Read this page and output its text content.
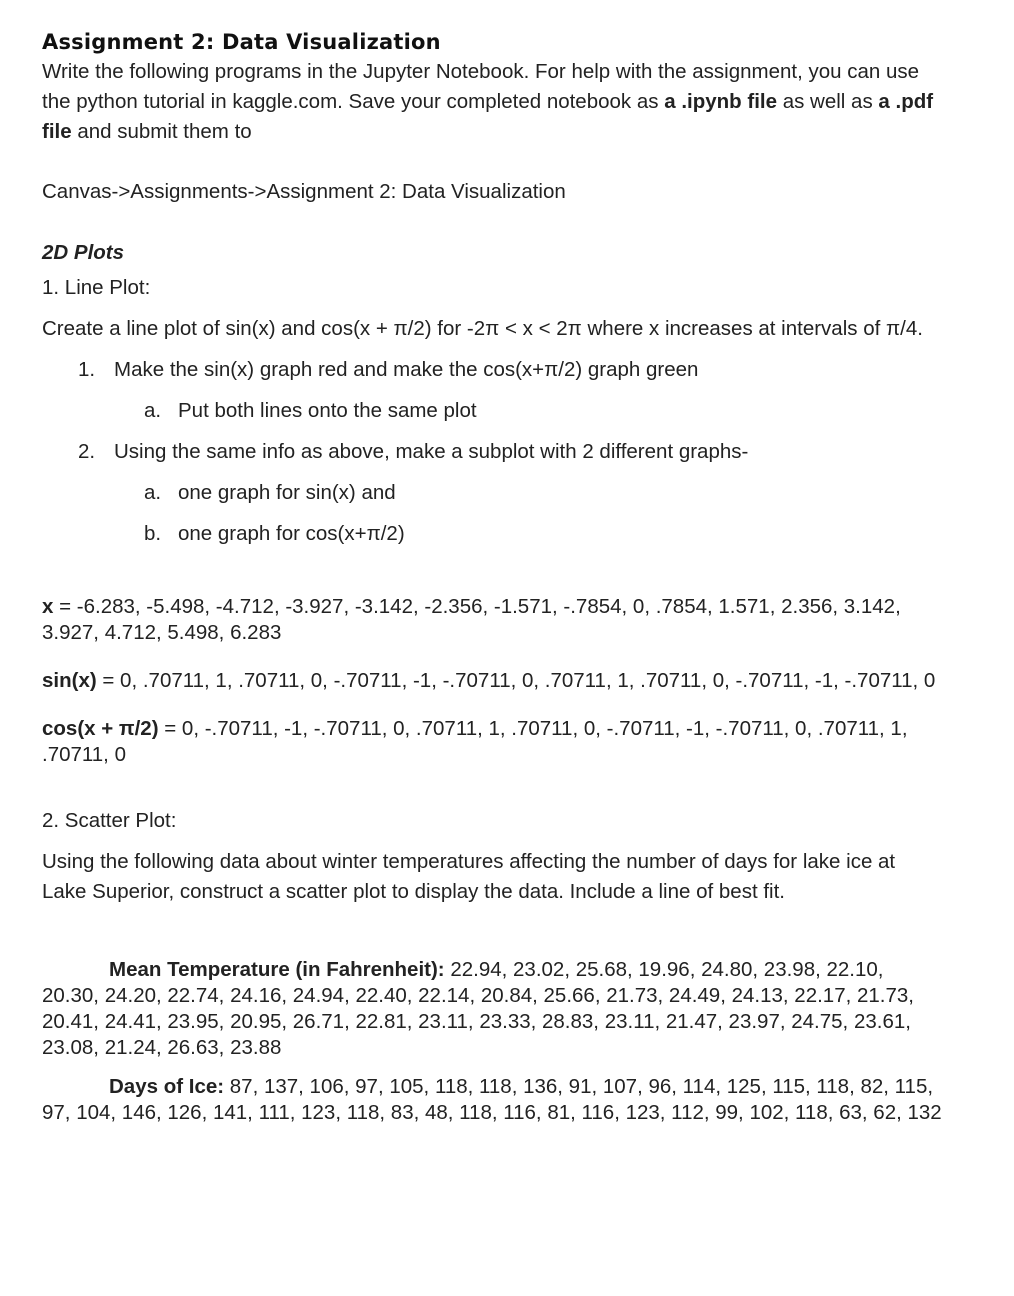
Assignment 2: Data Visualization

Write the following programs in the Jupyter Notebook. For help with the assignment, you can use the python tutorial in kaggle.com. Save your completed notebook as a .ipynb file as well as a .pdf file and submit them to

Canvas->Assignments->Assignment 2: Data Visualization

2D Plots
1. Line Plot:

Create a line plot of sin(x) and cos(x + π/2) for -2π < x < 2π where x increases at intervals of π/4.

1. Make the sin(x) graph red and make the cos(x+π/2) graph green
a. Put both lines onto the same plot
2. Using the same info as above, make a subplot with 2 different graphs-
a. one graph for sin(x) and
b. one graph for cos(x+π/2)

x = -6.283, -5.498, -4.712, -3.927, -3.142, -2.356, -1.571, -.7854, 0, .7854, 1.571, 2.356, 3.142, 3.927, 4.712, 5.498, 6.283

sin(x) = 0, .70711, 1, .70711, 0, -.70711, -1, -.70711, 0, .70711, 1, .70711, 0, -.70711, -1, -.70711, 0

cos(x + π/2) = 0, -.70711, -1, -.70711, 0, .70711, 1, .70711, 0, -.70711, -1, -.70711, 0, .70711, 1, .70711, 0

2. Scatter Plot:

Using the following data about winter temperatures affecting the number of days for lake ice at Lake Superior, construct a scatter plot to display the data. Include a line of best fit.

Mean Temperature (in Fahrenheit): 22.94, 23.02, 25.68, 19.96, 24.80, 23.98, 22.10, 20.30, 24.20, 22.74, 24.16, 24.94, 22.40, 22.14, 20.84, 25.66, 21.73, 24.49, 24.13, 22.17, 21.73, 20.41, 24.41, 23.95, 20.95, 26.71, 22.81, 23.11, 23.33, 28.83, 23.11, 21.47, 23.97, 24.75, 23.61, 23.08, 21.24, 26.63, 23.88

Days of Ice: 87, 137, 106, 97, 105, 118, 118, 136, 91, 107, 96, 114, 125, 115, 118, 82, 115, 97, 104, 146, 126, 141, 111, 123, 118, 83, 48, 118, 116, 81, 116, 123, 112, 99, 102, 118, 63, 62, 132
